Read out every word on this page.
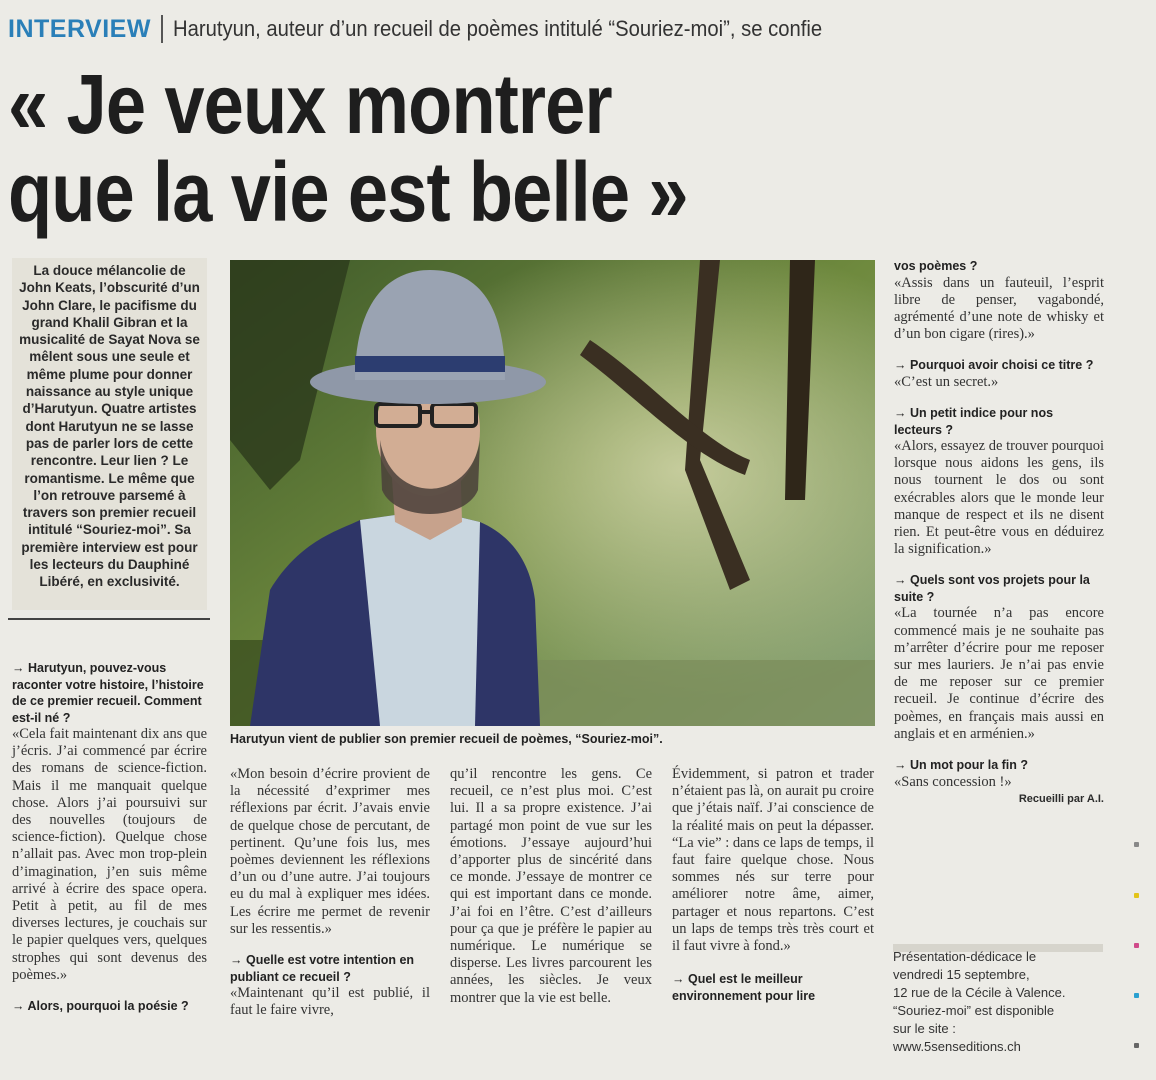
INTERVIEW Harutyun, auteur d’un recueil de poèmes intitulé “Souriez-moi”, se confie
« Je veux montrer
que la vie est belle »

La douce mélancolie de John Keats, l’obscurité d’un John Clare, le pacifisme du grand Khalil Gibran et la musicalité de Sayat Nova se mêlent sous une seule et même plume pour donner naissance au style unique d’Harutyun. Quatre artistes dont Harutyun ne se lasse pas de parler lors de cette rencontre. Leur lien ? Le romantisme. Le même que l’on retrouve parsemé à travers son premier recueil intitulé “Souriez-moi”. Sa première interview est pour les lecteurs du Dauphiné Libéré, en exclusivité.

Harutyun vient de publier son premier recueil de poèmes, “Souriez-moi”.

→ Harutyun, pouvez-vous raconter votre histoire, l’histoire de ce premier recueil. Comment est-il né ?

«Cela fait maintenant dix ans que j’écris. J’ai commencé par écrire des romans de science-fiction. Mais il me manquait quelque chose. Alors j’ai poursuivi sur des nouvelles (toujours de science-fiction). Quelque chose n’allait pas. Avec mon trop-plein d’imagination, j’en suis même arrivé à écrire des space opera. Petit à petit, au fil de mes diverses lectures, je couchais sur le papier quelques vers, quelques strophes qui sont devenus des poèmes.»

→ Alors, pourquoi la poésie ?

«Mon besoin d’écrire provient de la nécessité d’exprimer mes réflexions par écrit. J’avais envie de quelque chose de percutant, de pertinent. Qu’une fois lus, mes poèmes deviennent les réflexions d’un ou d’une autre. J’ai toujours eu du mal à expliquer mes idées. Les écrire me permet de revenir sur les ressentis.»

→ Quelle est votre intention en publiant ce recueil ?

«Maintenant qu’il est publié, il faut le faire vivre,

qu’il rencontre les gens. Ce recueil, ce n’est plus moi. C’est lui. Il a sa propre existence. J’ai partagé mon point de vue sur les émotions. J’essaye aujourd’hui d’apporter plus de sincérité dans ce monde. J’essaye de montrer ce qui est important dans ce monde. J’ai foi en l’être. C’est d’ailleurs pour ça que je préfère le papier au numérique. Le numérique se disperse. Les livres parcourent les années, les siècles. Je veux montrer que la vie est belle.

Évidemment, si patron et trader n’étaient pas là, on aurait pu croire que j’étais naïf. J’ai conscience de la réalité mais on peut la dépasser. “La vie” : dans ce laps de temps, il faut faire quelque chose. Nous sommes nés sur terre pour améliorer notre âme, aimer, partager et nous repartons. C’est un laps de temps très très court et il faut vivre à fond.»

→ Quel est le meilleur environnement pour lire

vos poèmes ?

«Assis dans un fauteuil, l’esprit libre de penser, vagabondé, agrémenté d’une note de whisky et d’un bon cigare (rires).»

→ Pourquoi avoir choisi ce titre ?

«C’est un secret.»

→ Un petit indice pour nos lecteurs ?

«Alors, essayez de trouver pourquoi lorsque nous aidons les gens, ils nous tournent le dos ou sont exécrables alors que le monde leur manque de respect et ils ne disent rien. Et peut-être vous en déduirez la signification.»

→ Quels sont vos projets pour la suite ?

«La tournée n’a pas encore commencé mais je ne souhaite pas m’arrêter d’écrire pour me reposer sur mes lauriers. Je n’ai pas envie de me reposer sur ce premier recueil. Je continue d’écrire des poèmes, en français mais aussi en anglais et en arménien.»

→ Un mot pour la fin ?

«Sans concession !»

Recueilli par A.I.
Présentation-dédicace le
vendredi 15 septembre,
12 rue de la Cécile à Valence.
“Souriez-moi” est disponible
sur le site :
www.5senseditions.ch
